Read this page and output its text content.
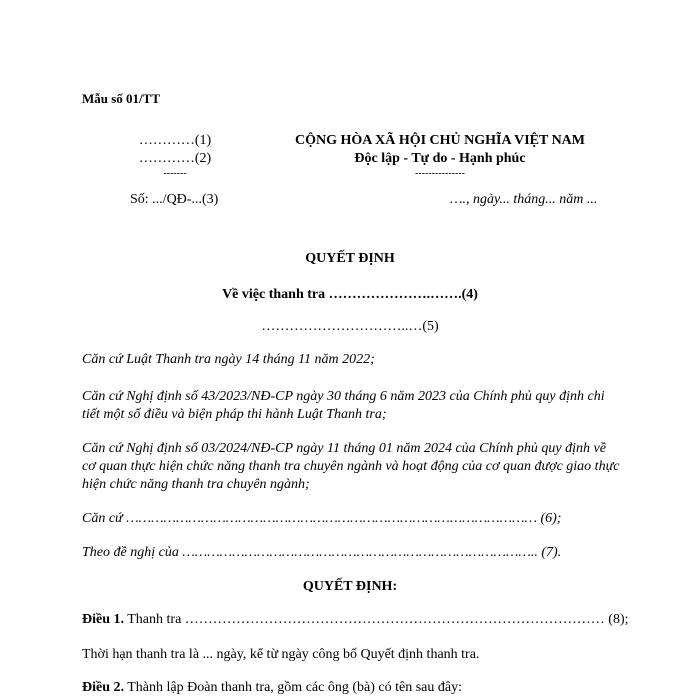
Mẫu số 01/TT
…………(1)
…………(2)
-------
CỘNG HÒA XÃ HỘI CHỦ NGHĨA VIỆT NAM
Độc lập - Tự do - Hạnh phúc
---------------
Số: .../QĐ-...(3)	…., ngày... tháng... năm ...
QUYẾT ĐỊNH
Về việc thanh tra ………………….…….(4)
…………………………..…(5)
Căn cứ Luật Thanh tra ngày 14 tháng 11 năm 2022;
Căn cứ Nghị định số 43/2023/NĐ-CP ngày 30 tháng 6 năm 2023 của Chính phủ quy định chi tiết một số điều và biện pháp thi hành Luật Thanh tra;
Căn cứ Nghị định số 03/2024/NĐ-CP ngày 11 tháng 01 năm 2024 của Chính phủ quy định về cơ quan thực hiện chức năng thanh tra chuyên ngành và hoạt động của cơ quan được giao thực hiện chức năng thanh tra chuyên ngành;
Căn cứ ……………………………………………………………………………………… (6);
Theo đề nghị của ………………………………………………………………………….. (7).
QUYẾT ĐỊNH:
Điều 1. Thanh tra ……………………………………………………………………………… (8);
Thời hạn thanh tra là ... ngày, kể từ ngày công bố Quyết định thanh tra.
Điều 2. Thành lập Đoàn thanh tra, gồm các ông (bà) có tên sau đây:
